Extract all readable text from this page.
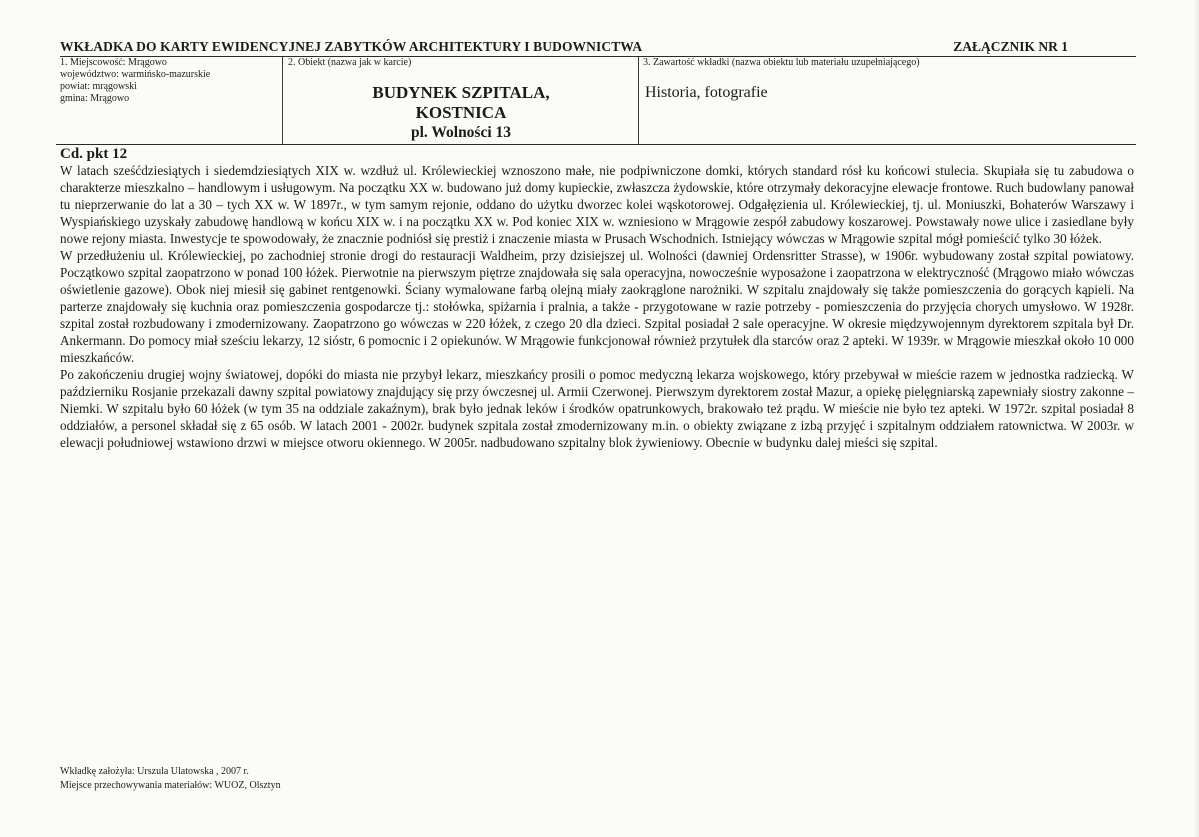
WKŁADKA DO KARTY EWIDENCYJNEJ ZABYTKÓW ARCHITEKTURY I BUDOWNICTWA	ZAŁĄCZNIK NR 1
1. Miejscowość: Mrągowo
województwo: warmińsko-mazurskie
powiat: mrągowski
gmina: Mrągowo
2. Obiekt (nazwa jak w karcie)
BUDYNEK SZPITALA,
KOSTNICA
pl. Wolności 13
3. Zawartość wkładki (nazwa obiektu lub materiału uzupełniającego)
Historia, fotografie
Cd. pkt 12

W latach sześćdziesiątych i siedemdziesiątych XIX w. wzdłuż ul. Królewieckiej wznoszono małe, nie podpiwniczone domki, których standard rósł ku końcowi stulecia. Skupiała się tu zabudowa o charakterze mieszkalno – handlowym i usługowym. Na początku XX w. budowano już domy kupieckie, zwłaszcza żydowskie, które otrzymały dekoracyjne elewacje frontowe. Ruch budowlany panował tu nieprzerwanie do lat a 30 – tych XX w. W 1897r., w tym samym rejonie, oddano do użytku dworzec kolei wąskotorowej. Odgałęzienia ul. Królewieckiej, tj. ul. Moniuszki, Bohaterów Warszawy i Wyspiańskiego uzyskały zabudowę handlową w końcu XIX w. i na początku XX w. Pod koniec XIX w. wzniesiono w Mrągowie zespół zabudowy koszarowej. Powstawały nowe ulice i zasiedlane były nowe rejony miasta. Inwestycje te spowodowały, że znacznie podniósł się prestiż i znaczenie miasta w Prusach Wschodnich. Istniejący wówczas w Mrągowie szpital mógł pomieścić tylko 30 łóżek.

W przedłużeniu ul. Królewieckiej, po zachodniej stronie drogi do restauracji Waldheim, przy dzisiejszej ul. Wolności (dawniej Ordensritter Strasse), w 1906r. wybudowany został szpital powiatowy. Początkowo szpital zaopatrzono w ponad 100 łóżek. Pierwotnie na pierwszym piętrze znajdowała się sala operacyjna, nowocześnie wyposażone i zaopatrzona w elektryczność (Mrągowo miało wówczas oświetlenie gazowe). Obok niej miesił się gabinet rentgenowki. Ściany wymalowane farbą olejną miały zaokrąglone narożniki. W szpitalu znajdowały się także pomieszczenia do gorących kąpieli. Na parterze znajdowały się kuchnia oraz pomieszczenia gospodarcze tj.: stołówka, spiżarnia i pralnia, a także - przygotowane w razie potrzeby - pomieszczenia do przyjęcia chorych umysłowo. W 1928r. szpital został rozbudowany i zmodernizowany. Zaopatrzono go wówczas w 220 łóżek, z czego 20 dla dzieci. Szpital posiadał 2 sale operacyjne. W okresie międzywojennym dyrektorem szpitala był Dr. Ankermann. Do pomocy miał sześciu lekarzy, 12 sióstr, 6 pomocnic i 2 opiekunów. W Mrągowie funkcjonował również przytułek dla starców oraz 2 apteki. W 1939r. w Mrągowie mieszkał około 10 000 mieszkańców.

Po zakończeniu drugiej wojny światowej, dopóki do miasta nie przybył lekarz, mieszkańcy prosili o pomoc medyczną lekarza wojskowego, który przebywał w mieście razem w jednostka radziecką. W październiku Rosjanie przekazali dawny szpital powiatowy znajdujący się przy ówczesnej ul. Armii Czerwonej. Pierwszym dyrektorem został Mazur, a opiekę pielęgniarską zapewniały siostry zakonne – Niemki. W szpitalu było 60 łóżek (w tym 35 na oddziale zakaźnym), brak było jednak leków i środków opatrunkowych, brakowało też prądu. W mieście nie było tez apteki. W 1972r. szpital posiadał 8 oddziałów, a personel składał się z 65 osób. W latach 2001 - 2002r. budynek szpitala został zmodernizowany m.in. o obiekty związane z izbą przyjęć i szpitalnym oddziałem ratownictwa. W 2003r. w elewacji południowej wstawiono drzwi w miejsce otworu okiennego. W 2005r. nadbudowano szpitalny blok żywieniowy. Obecnie w budynku dalej mieści się szpital.

Wkładkę założyła: Urszula Ulatowska , 2007 r.
Miejsce przechowywania materiałów: WUOZ, Olsztyn
